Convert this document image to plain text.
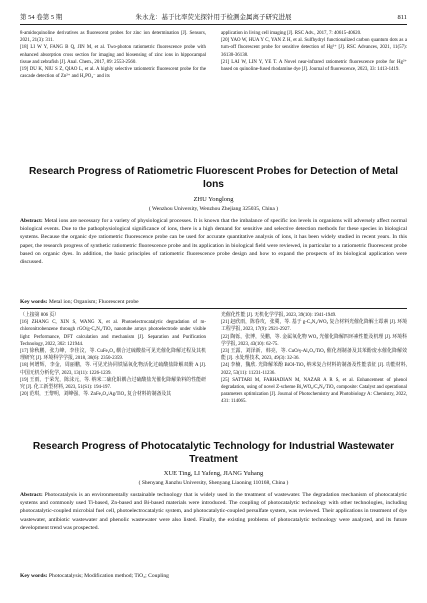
第 54 卷第 5 期	朱永龙：基于比率荧光探针用于检测金属离子研究进展	811
8-amidoquinoline derivatives as fluorescent probes for zinc ion determination [J]. Sensors, 2021, 21(3): 311.
[18] LI W Y, FANG B Q, JIN M, et al. Two-photon ratiometric fluorescence probe with enhanced absorption cross section for imaging and biosensing of zinc ions in hippocampal tissue and zebrafish [J]. Anal. Chem., 2017, 89: 2553-2560.
[19] DU K, NIU S Z, QIAO L, et al. A highly selective ratiometric fluorescent probe for the cascade detection of Zn²⁺ and H₂PO₄⁻ and its
application in living cell imaging [J]. RSC Adv., 2017, 7: 40615-40620.
[20] YAO W, HUA Y C, YAN Z H, et al. Sulfhydryl functionalized carbon quantum dots as a turn-off fluorescent probe for sensitive detection of Hg²⁺ [J]. RSC Advances, 2021, 11(57): 36130-36138.
[21] LAI W, LIN Y, YE T. A Novel near-infrared ratiometric fluorescence probe for Hg²⁺ based on quinoline-fused rhodamine dye [J]. Journal of fluorescence, 2023, 33: 1413-1419.
Research Progress of Ratiometric Fluorescent Probes for Detection of Metal Ions
ZHU Yonglong
( Wenzhou University, Wenzhou Zhejiang 325035, China )
Abstract: Metal ions are necessary for a variety of physiological processes. It is known that the imbalance of specific ion levels in organisms will adversely affect normal biological events. Due to the pathophysiological significance of ions, there is a high demand for sensitive and selective detection methods for these species in biological systems. Because the organic dye ratiometric fluorescence probe can be used for accurate quantitative analysis of ions, it has been widely studied in recent years. In this paper, the research progress of synthetic ratiometric fluorescence probe and its application in biological field were reviewed, in particular to a ratiometric fluorescent probe based on organic dyes. In addition, the basic principles of ratiometric fluorescence probe design and how to expand the prospects of its biological application were discussed.
Key words: Metal ion; Organism; Fluorescent probe
（上接第 806 页）
[16] ZHANG C, XIN S, WANG X, et al. Photoelectrocatalytic degradation of m-chloronitrobenzene through rGO/g-C₃N₄/TiO₂ nanotube arrays photoelectrode under visible light: Performance, DFT calculation and mechanism [J]. Separation and Purification Technology, 2022, 302: 121944.
[17] 徐秋鹏，张力峰，李佳汶，等. CuFe₂O₄ 耦合过硫酸盐可见光催化降解过程及其机理研究 [J]. 环境科学学报, 2018, 38(6): 2350-2359.
[18] 何增辉，李金，周丽鹏，等. 可见光协同铁锰氧化物活化过硫酸盐降解双酚 A [J]. 中国无机分析化学, 2023, 13(11): 1226-1239.
[19] 王雨，于荣光，陈沫元，等. 纳米二硫化钼耦合过硫酸盐光催化降解染料的性能研究 [J]. 化工新型材料, 2023, 51(S1): 194-197.
[20] 范琪，王黎明，刘峰强，等. ZnFe₂O₄/Ag/TiO₂ 复合材料的制备及其
光催化性能 [J]. 无机化学学报, 2023, 39(10): 1941-1949.
[21] 赵欣雨，陈春攻，张冀，等. 基于 g-C₃N₄/WO₃ 复合材料光催化降解土霉素 [J]. 环境工程学报, 2023, 17(9): 2921-2927.
[22] 陶铄，张博，吴鹏，等. 金属氧化物 WO₃ 光催化降解四环素性能及机理 [J]. 环境科学学报, 2023, 43(10): 62-75.
[23] 王露，刘泽新，韩亮，等. CuO/γ-Al₂O₃/TiO₂ 催化剂制备及其苯酚废水催化降解效能 [J]. 水处理技术, 2023, 49(3): 32-36.
[24] 李楠，魏欣. 光降解苯酚 BiOI-TiO₂ 纳米复合材料的制备及性能表征 [J]. 功能材料, 2022, 53(11): 11231-11236.
[25] SATTARI M, FARHADIAN M, NAZAR A R S, et al. Enhancement of phenol degradation, using of novel Z-scheme Bi₂WO₆/C₃N₄/TiO₂ composite: Catalyst and operational parameters optimization [J]. Journal of Photochemistry and Photobiology A: Chemistry, 2022, 431: 114065.
Research Progress of Photocatalytic Technology for Industrial Wastewater Treatment
XUE Ting, LI Yafeng, JIANG Yuhang
( Shenyang Jianzhu University, Shenyang Liaoning 110168, China )
Abstract: Photocatalysis is an environmentally sustainable technology that is widely used in the treatment of wastewater. The degradation mechanism of photocatalytic systems and commonly used Ti-based, Zn-based and Bi-based materials were introduced. The coupling of photocatalytic technology with other technologies, including photocatalytic-coupled microbial fuel cell, photoelectrocatalytic system, and photocatalytic-coupled persulfate system, was reviewed. Their applications in treatment of dye wastewater, antibiotic wastewater and phenolic wastewater were also listed. Finally, the existing problems of photocatalytic technology were analyzed, and its future development trend was prospected.
Key words: Photocatalysis; Modification method; TiO₂; Coupling
